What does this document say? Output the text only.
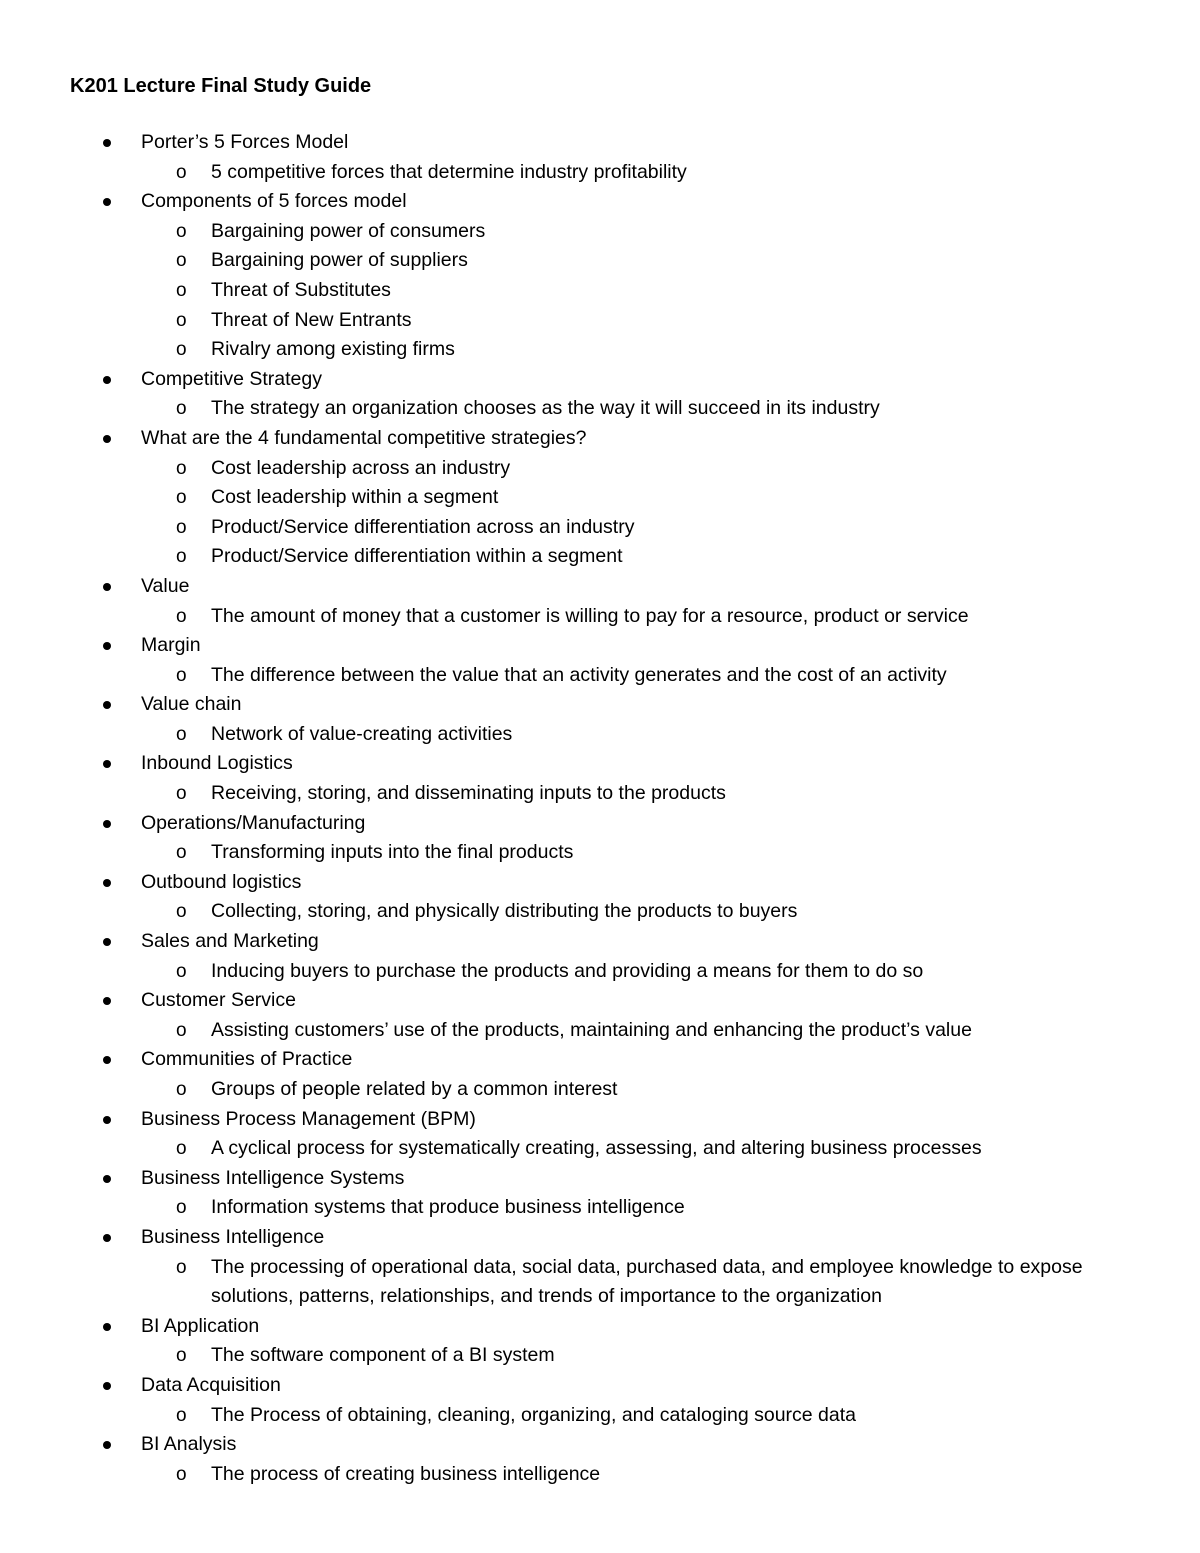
K201 Lecture Final Study Guide
Porter’s 5 Forces Model
o	5 competitive forces that determine industry profitability
Components of 5 forces model
o	Bargaining power of consumers
o	Bargaining power of suppliers
o	Threat of Substitutes
o	Threat of New Entrants
o	Rivalry among existing firms
Competitive Strategy
o	The strategy an organization chooses as the way it will succeed in its industry
What are the 4 fundamental competitive strategies?
o	Cost leadership across an industry
o	Cost leadership within a segment
o	Product/Service differentiation across an industry
o	Product/Service differentiation within a segment
Value
o	The amount of money that a customer is willing to pay for a resource, product or service
Margin
o	The difference between the value that an activity generates and the cost of an activity
Value chain
o	Network of value-creating activities
Inbound Logistics
o	Receiving, storing, and disseminating inputs to the products
Operations/Manufacturing
o	Transforming inputs into the final products
Outbound logistics
o	Collecting, storing, and physically distributing the products to buyers
Sales and Marketing
o	Inducing buyers to purchase the products and providing a means for them to do so
Customer Service
o	Assisting customers’ use of the products, maintaining and enhancing the product’s value
Communities of Practice
o	Groups of people related by a common interest
Business Process Management (BPM)
o	A cyclical process for systematically creating, assessing, and altering business processes
Business Intelligence Systems
o	Information systems that produce business intelligence
Business Intelligence
o	The processing of operational data, social data, purchased data, and employee knowledge to expose solutions, patterns, relationships, and trends of importance to the organization
BI Application
o	The software component of a BI system
Data Acquisition
o	The Process of obtaining, cleaning, organizing, and cataloging source data
BI Analysis
o	The process of creating business intelligence
